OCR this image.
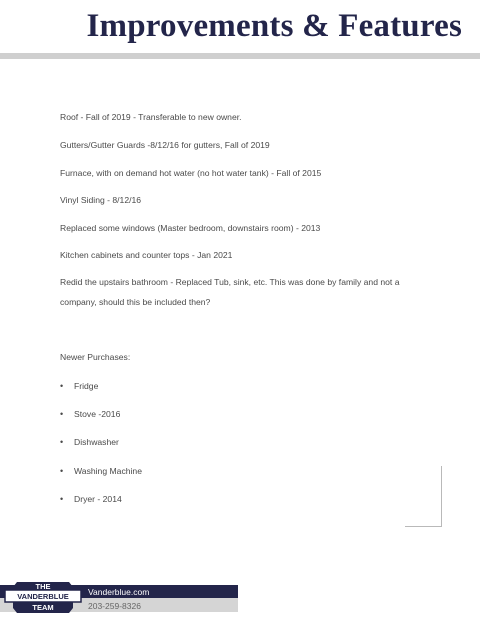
Improvements & Features
Roof - Fall of 2019 - Transferable to new owner.
Gutters/Gutter Guards -8/12/16 for gutters, Fall of 2019
Furnace, with on demand hot water (no hot water tank) - Fall of 2015
Vinyl Siding - 8/12/16
Replaced some windows (Master bedroom, downstairs room) - 2013
Kitchen cabinets and counter tops - Jan 2021
Redid the upstairs bathroom - Replaced Tub, sink, etc. This was done by family and not a
company, should this be included then?
Newer Purchases:
• Fridge
• Stove -2016
• Dishwasher
• Washing Machine
• Dryer - 2014
Vanderblue.com
203-259-8326
THE
VANDERBLUE
TEAM
